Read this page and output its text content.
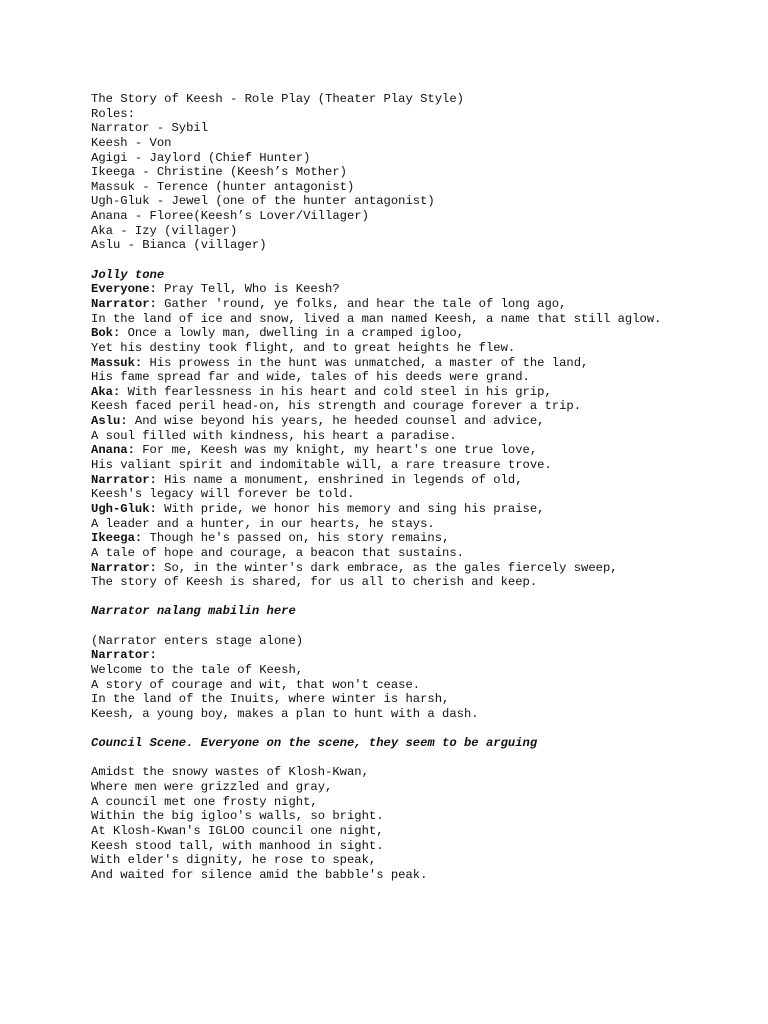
The Story of Keesh - Role Play (Theater Play Style)
Roles:
Narrator - Sybil
Keesh - Von
Agigi - Jaylord (Chief Hunter)
Ikeega - Christine (Keesh’s Mother)
Massuk - Terence (hunter antagonist)
Ugh-Gluk - Jewel (one of the hunter antagonist)
Anana - Floree(Keesh’s Lover/Villager)
Aka - Izy (villager)
Aslu - Bianca (villager)
Jolly tone
Everyone: Pray Tell, Who is Keesh?
Narrator: Gather 'round, ye folks, and hear the tale of long ago,
In the land of ice and snow, lived a man named Keesh, a name that still aglow.
Bok: Once a lowly man, dwelling in a cramped igloo,
Yet his destiny took flight, and to great heights he flew.
Massuk: His prowess in the hunt was unmatched, a master of the land,
His fame spread far and wide, tales of his deeds were grand.
Aka: With fearlessness in his heart and cold steel in his grip,
Keesh faced peril head-on, his strength and courage forever a trip.
Aslu: And wise beyond his years, he heeded counsel and advice,
A soul filled with kindness, his heart a paradise.
Anana: For me, Keesh was my knight, my heart's one true love,
His valiant spirit and indomitable will, a rare treasure trove.
Narrator: His name a monument, enshrined in legends of old,
Keesh's legacy will forever be told.
Ugh-Gluk: With pride, we honor his memory and sing his praise,
A leader and a hunter, in our hearts, he stays.
Ikeega: Though he's passed on, his story remains,
A tale of hope and courage, a beacon that sustains.
Narrator: So, in the winter's dark embrace, as the gales fiercely sweep,
The story of Keesh is shared, for us all to cherish and keep.
Narrator nalang mabilin here
(Narrator enters stage alone)
Narrator:
Welcome to the tale of Keesh,
A story of courage and wit, that won't cease.
In the land of the Inuits, where winter is harsh,
Keesh, a young boy, makes a plan to hunt with a dash.
Council Scene. Everyone on the scene, they seem to be arguing
Amidst the snowy wastes of Klosh-Kwan,
Where men were grizzled and gray,
A council met one frosty night,
Within the big igloo's walls, so bright.
At Klosh-Kwan's IGLOO council one night,
Keesh stood tall, with manhood in sight.
With elder's dignity, he rose to speak,
And waited for silence amid the babble's peak.
